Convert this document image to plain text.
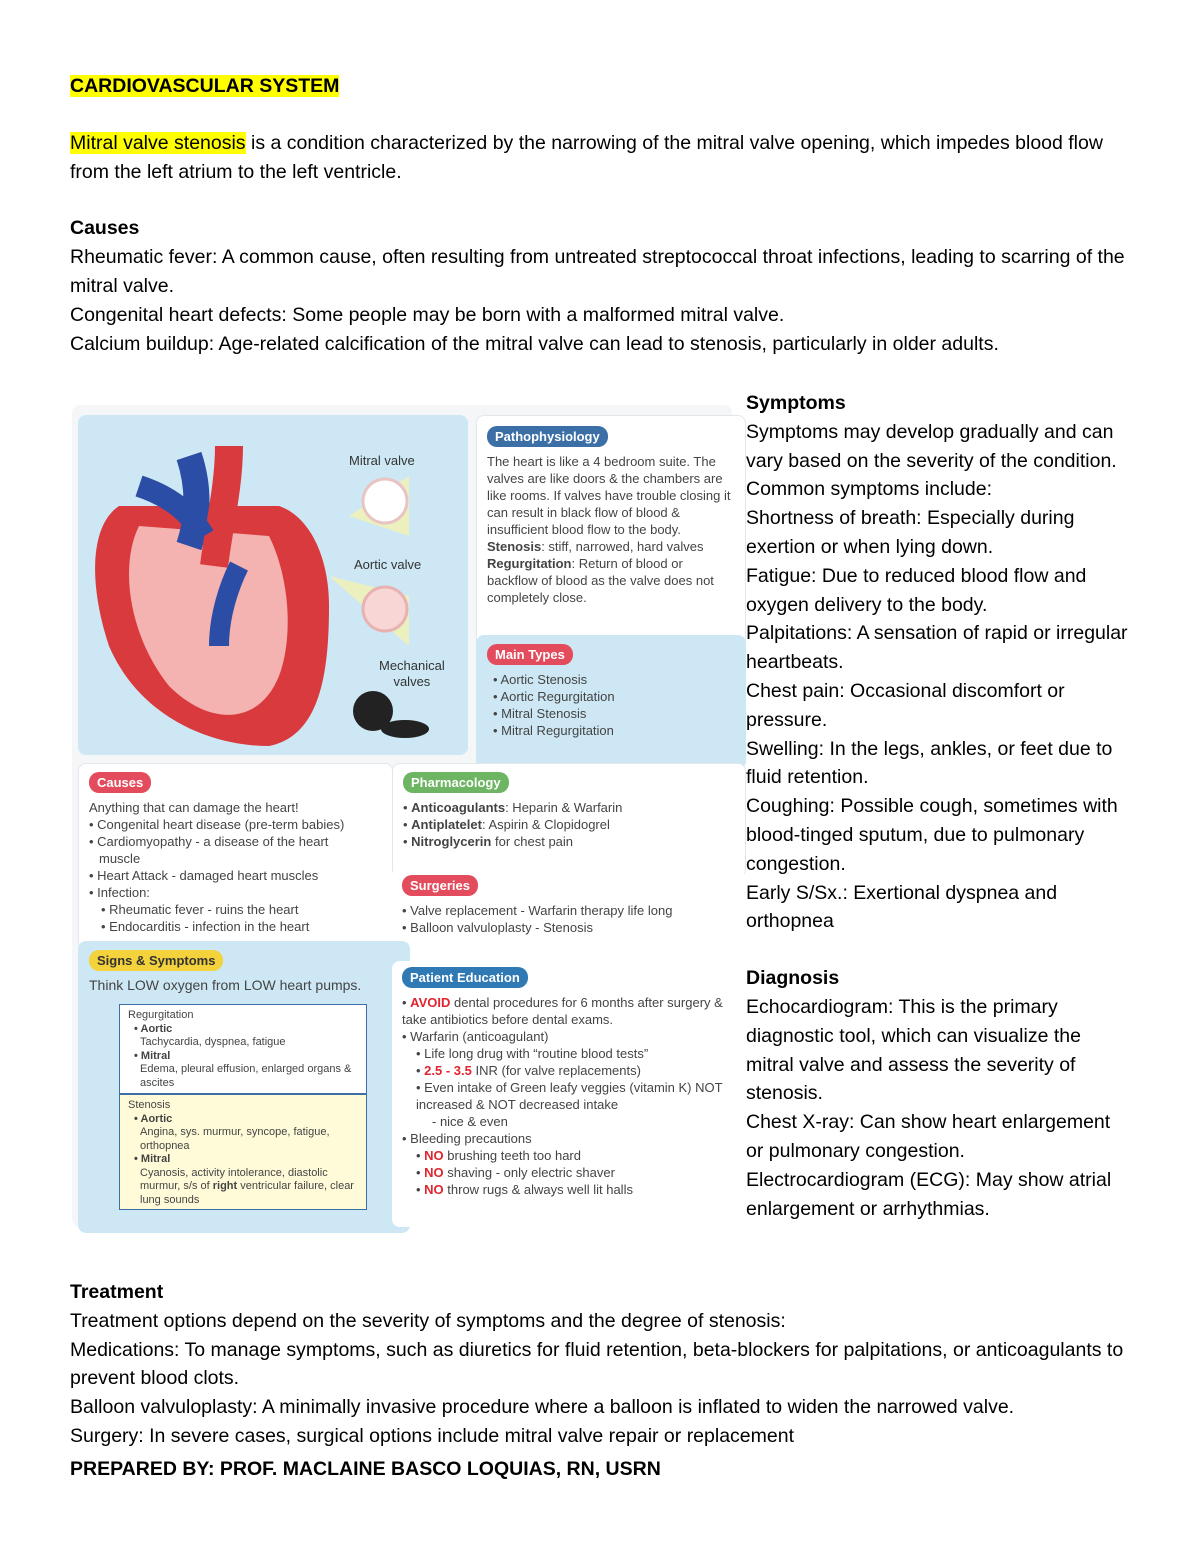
CARDIOVASCULAR SYSTEM

Mitral valve stenosis is a condition characterized by the narrowing of the mitral valve opening, which impedes blood flow from the left atrium to the left ventricle.

Causes

Rheumatic fever: A common cause, often resulting from untreated streptococcal throat infections, leading to scarring of the mitral valve.

Congenital heart defects: Some people may be born with a malformed mitral valve.

Calcium buildup: Age-related calcification of the mitral valve can lead to stenosis, particularly in older adults.

Mitral valve
Aortic valve
Mechanical
valves
Pathophysiology
The heart is like a 4 bedroom suite. The valves are like doors & the chambers are like rooms. If valves have trouble closing it can result in black flow of blood & insufficient blood flow to the body.
Stenosis: stiff, narrowed, hard valves
Regurgitation: Return of blood or backflow of blood as the valve does not completely close.
Main Types
• Aortic Stenosis
• Aortic Regurgitation
• Mitral Stenosis
• Mitral Regurgitation
Causes
Anything that can damage the heart!
• Congenital heart disease (pre-term babies)
• Cardiomyopathy - a disease of the heart
muscle
• Heart Attack - damaged heart muscles
• Infection:
• Rheumatic fever - ruins the heart
• Endocarditis - infection in the heart
Pharmacology
• Anticoagulants: Heparin & Warfarin
• Antiplatelet: Aspirin & Clopidogrel
• Nitroglycerin for chest pain
Surgeries
• Valve replacement - Warfarin therapy life long
• Balloon valvuloplasty - Stenosis
Signs & Symptoms
Think LOW oxygen from LOW heart pumps.
Regurgitation
• Aortic
Tachycardia, dyspnea, fatigue
• Mitral
Edema, pleural effusion, enlarged organs & ascites
Stenosis
• Aortic
Angina, sys. murmur, syncope, fatigue, orthopnea
• Mitral
Cyanosis, activity intolerance, diastolic murmur, s/s of right ventricular failure, clear lung sounds
Patient Education
• AVOID dental procedures for 6 months after surgery & take antibiotics before dental exams.
• Warfarin (anticoagulant)
• Life long drug with “routine blood tests”
• 2.5 - 3.5 INR (for valve replacements)
• Even intake of Green leafy veggies (vitamin K) NOT increased & NOT decreased intake
- nice & even
• Bleeding precautions
• NO brushing teeth too hard
• NO shaving - only electric shaver
• NO throw rugs & always well lit halls

Symptoms

Symptoms may develop gradually and can vary based on the severity of the condition.

Common symptoms include:

Shortness of breath: Especially during exertion or when lying down.

Fatigue: Due to reduced blood flow and oxygen delivery to the body.

Palpitations: A sensation of rapid or irregular heartbeats.

Chest pain: Occasional discomfort or pressure.

Swelling: In the legs, ankles, or feet due to fluid retention.

Coughing: Possible cough, sometimes with blood-tinged sputum, due to pulmonary congestion.

Early S/Sx.: Exertional dyspnea and orthopnea

Diagnosis

Echocardiogram: This is the primary diagnostic tool, which can visualize the mitral valve and assess the severity of stenosis.

Chest X-ray: Can show heart enlargement or pulmonary congestion.

Electrocardiogram (ECG): May show atrial enlargement or arrhythmias.

Treatment

Treatment options depend on the severity of symptoms and the degree of stenosis:

Medications: To manage symptoms, such as diuretics for fluid retention, beta-blockers for palpitations, or anticoagulants to prevent blood clots.

Balloon valvuloplasty: A minimally invasive procedure where a balloon is inflated to widen the narrowed valve.

Surgery: In severe cases, surgical options include mitral valve repair or replacement

PREPARED BY: PROF. MACLAINE BASCO LOQUIAS, RN, USRN
